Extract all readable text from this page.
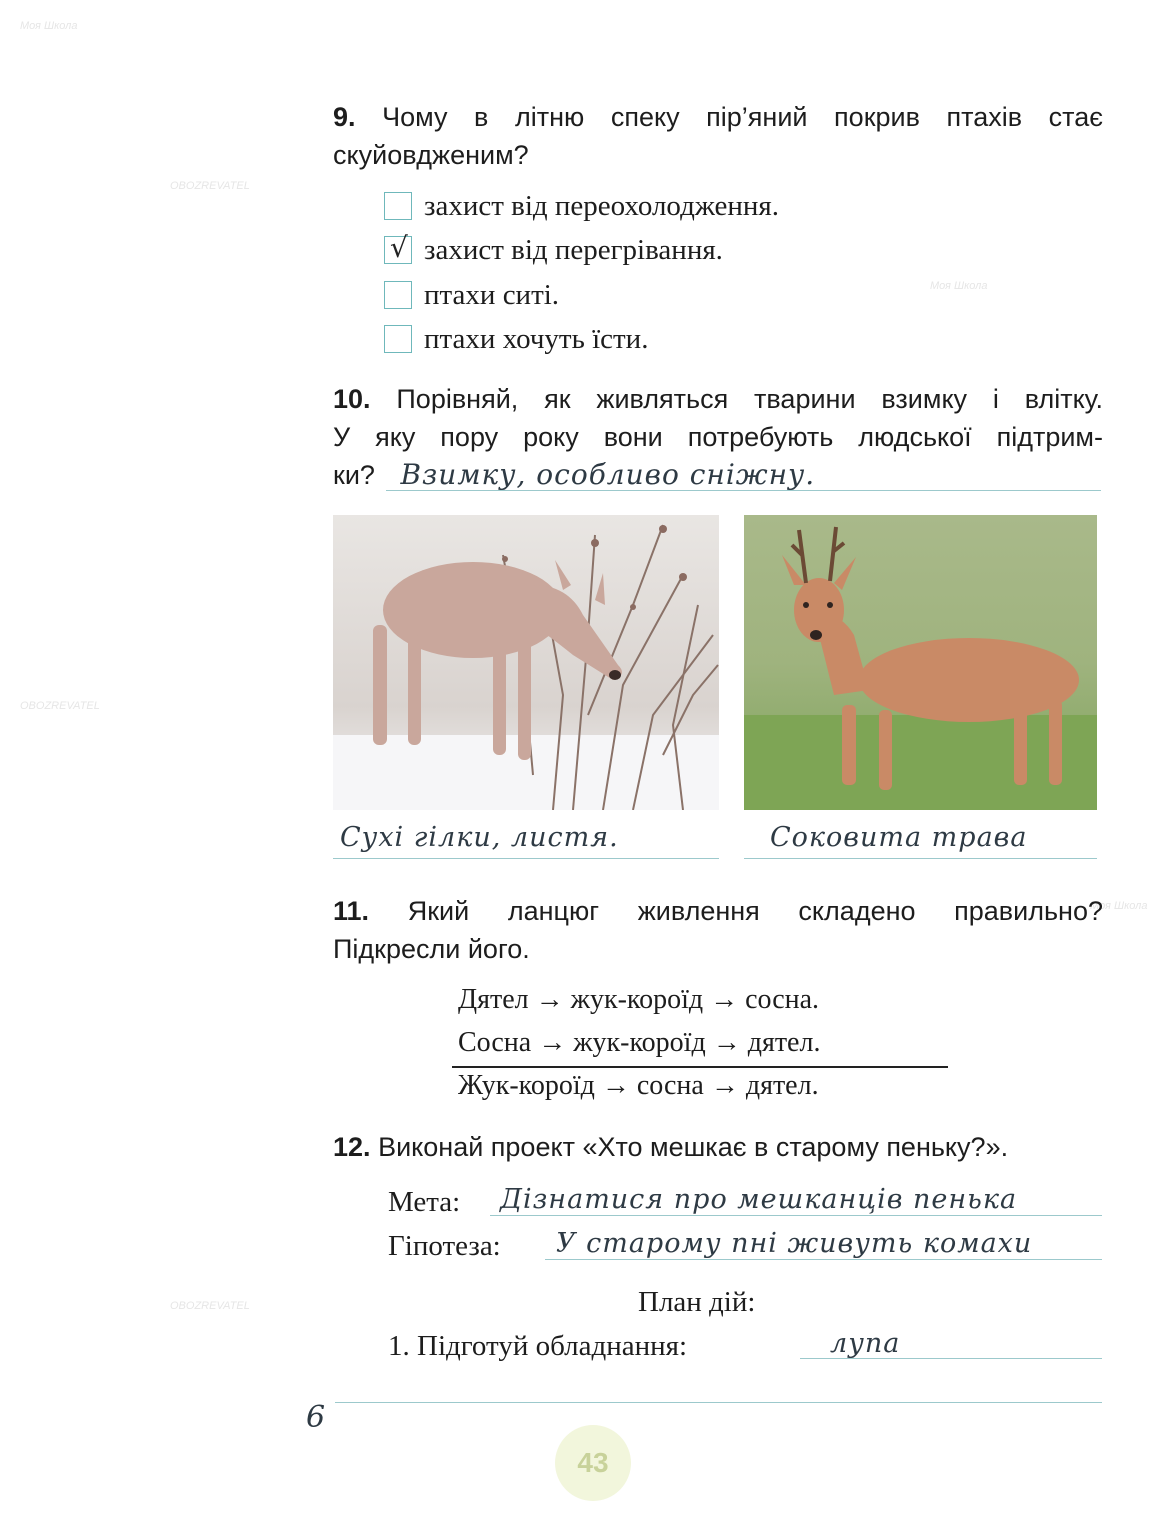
Моя Школа
OBOZREVATEL
Моя Школа
OBOZREVATEL
Моя Школа
OBOZREVATEL
9. Чому в літню спеку пір’яний покрив птахів стає скуйовдженим?
захист від переохолодження.
√ захист від перегрівання.
птахи ситі.
птахи хочуть їсти.
10. Порівняй, як живляться тварини взимку і влітку.
У яку пору року вони потребують людської підтрим-
ки? Взимку, особливо сніжну.
Сухі гілки, листя.	Соковита трава
11. Який ланцюг живлення складено правильно?
Підкресли його.
Дятел → жук-короїд → сосна.
Сосна → жук-короїд → дятел.
Жук-короїд → сосна → дятел.
12. Виконай проект «Хто мешкає в старому пеньку?».
Мета: Дізнатися про мешканців пенька
Гіпотеза: У старому пні живуть комахи
План дій:
1. Підготуй обладнання:	лупа
6
43
